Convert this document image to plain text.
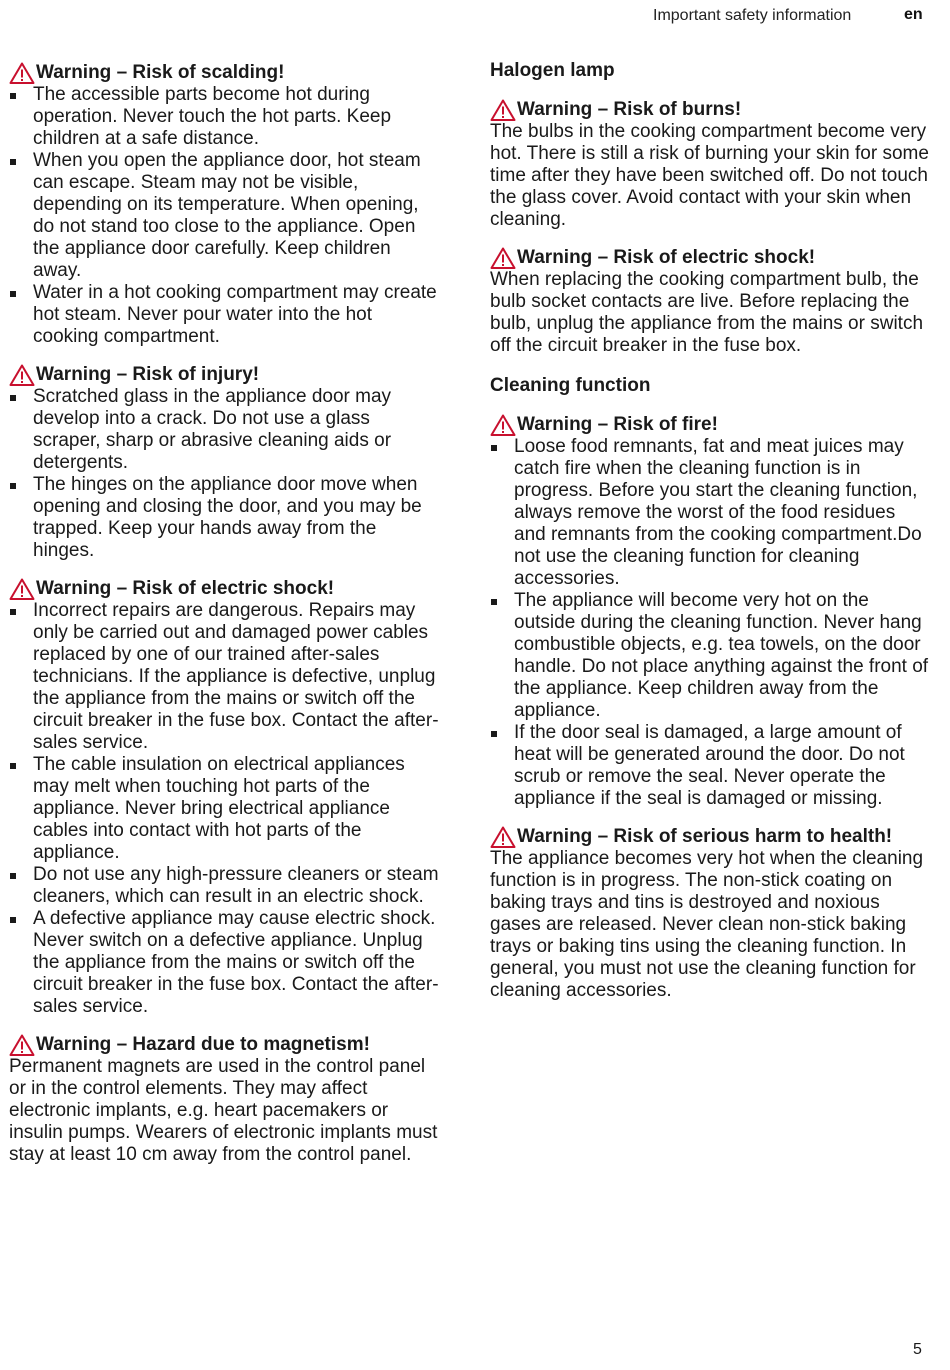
Important safety information	en
Warning – Risk of scalding!
The accessible parts become hot during operation. Never touch the hot parts. Keep children at a safe distance.
When you open the appliance door, hot steam can escape. Steam may not be visible, depending on its temperature. When opening, do not stand too close to the appliance. Open the appliance door carefully. Keep children away.
Water in a hot cooking compartment may create hot steam. Never pour water into the hot cooking compartment.
Warning – Risk of injury!
Scratched glass in the appliance door may develop into a crack. Do not use a glass scraper, sharp or abrasive cleaning aids or detergents.
The hinges on the appliance door move when opening and closing the door, and you may be trapped. Keep your hands away from the hinges.
Warning – Risk of electric shock!
Incorrect repairs are dangerous. Repairs may only be carried out and damaged power cables replaced by one of our trained after-sales technicians. If the appliance is defective, unplug the appliance from the mains or switch off the circuit breaker in the fuse box. Contact the after-sales service.
The cable insulation on electrical appliances may melt when touching hot parts of the appliance. Never bring electrical appliance cables into contact with hot parts of the appliance.
Do not use any high-pressure cleaners or steam cleaners, which can result in an electric shock.
A defective appliance may cause electric shock. Never switch on a defective appliance. Unplug the appliance from the mains or switch off the circuit breaker in the fuse box. Contact the after-sales service.
Warning – Hazard due to magnetism!
Permanent magnets are used in the control panel or in the control elements. They may affect electronic implants, e.g. heart pacemakers or insulin pumps. Wearers of electronic implants must stay at least 10 cm away from the control panel.
Halogen lamp
Warning – Risk of burns!
The bulbs in the cooking compartment become very hot. There is still a risk of burning your skin for some time after they have been switched off. Do not touch the glass cover. Avoid contact with your skin when cleaning.
Warning – Risk of electric shock!
When replacing the cooking compartment bulb, the bulb socket contacts are live. Before replacing the bulb, unplug the appliance from the mains or switch off the circuit breaker in the fuse box.
Cleaning function
Warning – Risk of fire!
Loose food remnants, fat and meat juices may catch fire when the cleaning function is in progress. Before you start the cleaning function, always remove the worst of the food residues and remnants from the cooking compartment.Do not use the cleaning function for cleaning accessories.
The appliance will become very hot on the outside during the cleaning function. Never hang combustible objects, e.g. tea towels, on the door handle. Do not place anything against the front of the appliance. Keep children away from the appliance.
If the door seal is damaged, a large amount of heat will be generated around the door. Do not scrub or remove the seal. Never operate the appliance if the seal is damaged or missing.
Warning – Risk of serious harm to health!
The appliance becomes very hot when the cleaning function is in progress. The non-stick coating on baking trays and tins is destroyed and noxious gases are released. Never clean non-stick baking trays or baking tins using the cleaning function. In general, you must not use the cleaning function for cleaning accessories.
5
